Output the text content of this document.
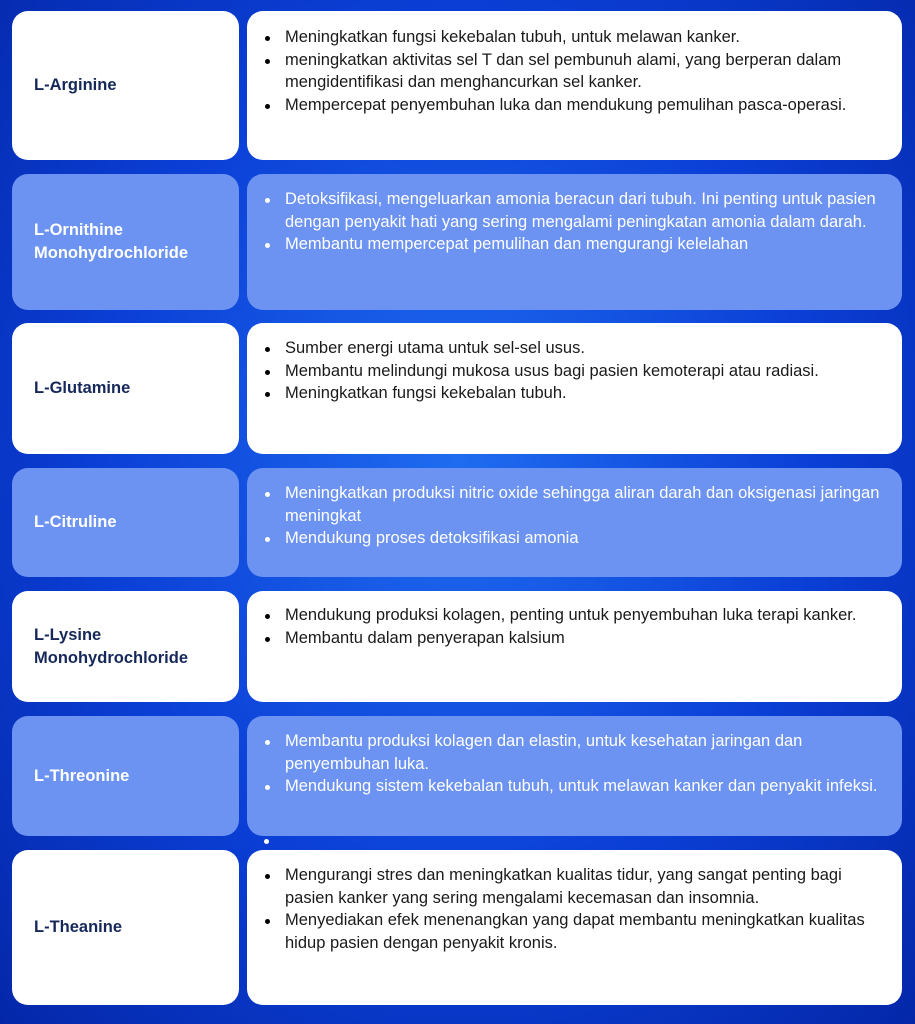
L-Arginine
Meningkatkan fungsi kekebalan tubuh, untuk melawan kanker.
meningkatkan aktivitas sel T dan sel pembunuh alami, yang berperan dalam mengidentifikasi dan menghancurkan sel kanker.
Mempercepat penyembuhan luka dan mendukung pemulihan pasca-operasi.
L-Ornithine Monohydrochloride
Detoksifikasi, mengeluarkan amonia beracun dari tubuh. Ini penting untuk pasien dengan penyakit hati yang sering mengalami peningkatan amonia dalam darah.
Membantu mempercepat pemulihan dan mengurangi kelelahan
L-Glutamine
Sumber energi utama untuk sel-sel usus.
Membantu melindungi mukosa usus bagi pasien kemoterapi atau radiasi.
Meningkatkan fungsi kekebalan tubuh.
L-Citruline
Meningkatkan produksi nitric oxide sehingga aliran darah dan oksigenasi jaringan meningkat
Mendukung proses detoksifikasi amonia
L-Lysine Monohydrochloride
Mendukung produksi kolagen, penting untuk penyembuhan luka terapi kanker.
Membantu dalam penyerapan kalsium
L-Threonine
Membantu produksi kolagen dan elastin, untuk kesehatan jaringan dan penyembuhan luka.
Mendukung sistem kekebalan tubuh, untuk melawan kanker dan penyakit infeksi.
L-Theanine
Mengurangi stres dan meningkatkan kualitas tidur, yang sangat penting bagi pasien kanker yang sering mengalami kecemasan dan insomnia.
Menyediakan efek menenangkan yang dapat membantu meningkatkan kualitas hidup pasien dengan penyakit kronis.
